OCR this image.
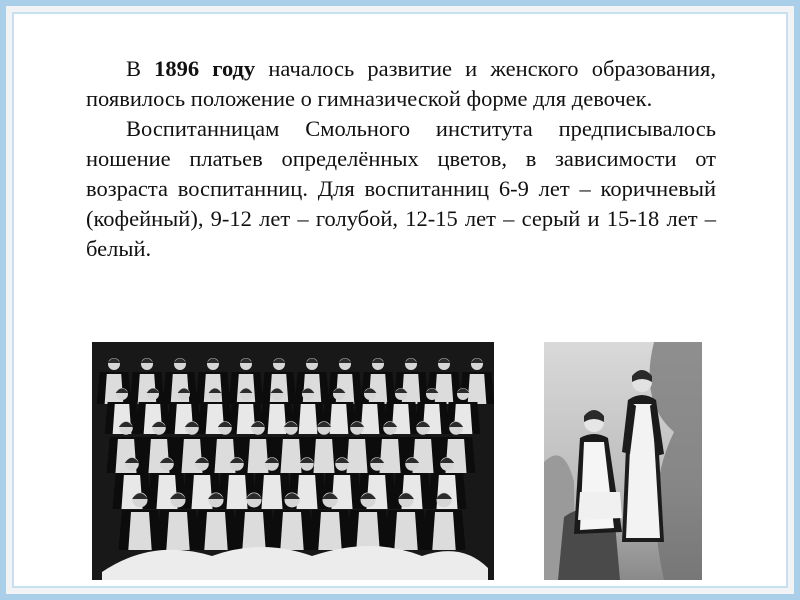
В 1896 году началось развитие и женского образования, появилось положение о гимназической форме для девочек.

Воспитанницам Смольного института предписывалось ношение платьев определённых цветов, в зависимости от возраста воспитанниц. Для воспитанниц 6-9 лет – коричневый (кофейный), 9-12 лет – голубой, 12-15 лет – серый и 15-18 лет – белый.
